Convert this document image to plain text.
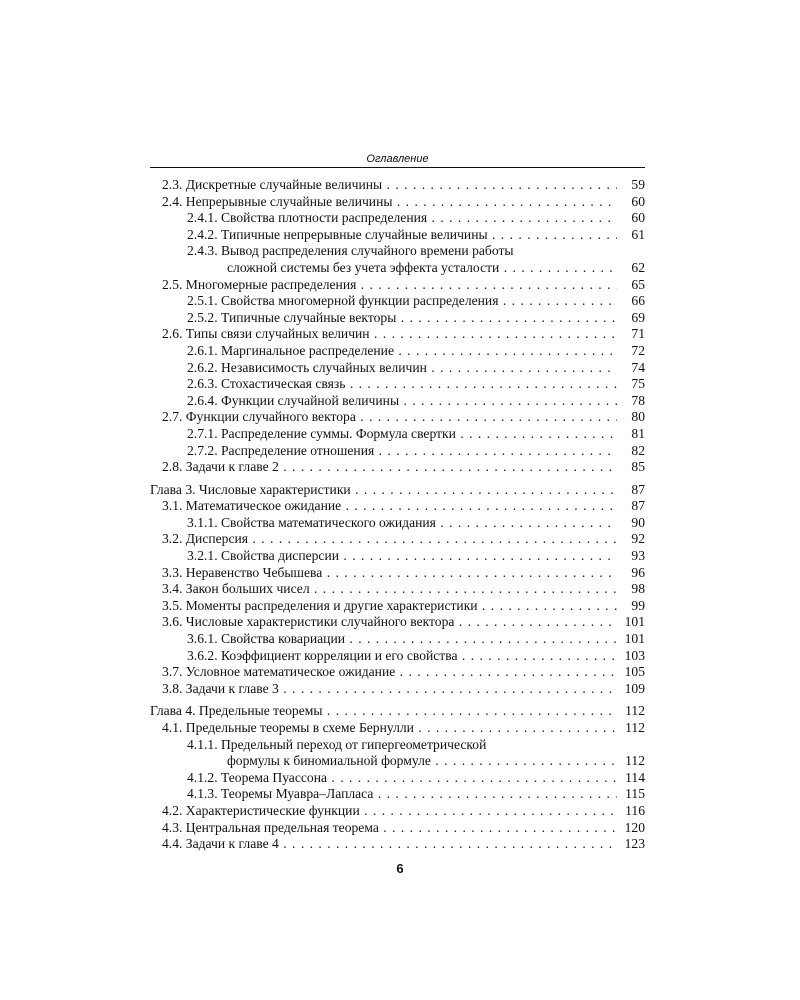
Оглавление
2.3. Дискретные случайные величины . . .	59
2.4. Непрерывные случайные величины . . .	60
2.4.1. Свойства плотности распределения . . .	60
2.4.2. Типичные непрерывные случайные величины . . .	61
2.4.3. Вывод распределения случайного времени работы
сложной системы без учета эффекта усталости . . .	62
2.5. Многомерные распределения . . .	65
2.5.1. Свойства многомерной функции распределения . . .	66
2.5.2. Типичные случайные векторы . . .	69
2.6. Типы связи случайных величин . . .	71
2.6.1. Маргинальное распределение . . .	72
2.6.2. Независимость случайных величин . . .	74
2.6.3. Стохастическая связь . . .	75
2.6.4. Функции случайной величины . . .	78
2.7. Функции случайного вектора . . .	80
2.7.1. Распределение суммы. Формула свертки . . .	81
2.7.2. Распределение отношения . . .	82
2.8. Задачи к главе 2 . . .	85
Глава 3. Числовые характеристики . . .	87
3.1. Математическое ожидание . . .	87
3.1.1. Свойства математического ожидания . . .	90
3.2. Дисперсия . . .	92
3.2.1. Свойства дисперсии . . .	93
3.3. Неравенство Чебышева . . .	96
3.4. Закон больших чисел . . .	98
3.5. Моменты распределения и другие характеристики . . .	99
3.6. Числовые характеристики случайного вектора . . .	101
3.6.1. Свойства ковариации . . .	101
3.6.2. Коэффициент корреляции и его свойства . . .	103
3.7. Условное математическое ожидание . . .	105
3.8. Задачи к главе 3 . . .	109
Глава 4. Предельные теоремы . . .	112
4.1. Предельные теоремы в схеме Бернулли . . .	112
4.1.1. Предельный переход от гипергеометрической
формулы к биномиальной формуле . . .	112
4.1.2. Теорема Пуассона . . .	114
4.1.3. Теоремы Муавра–Лапласа . . .	115
4.2. Характеристические функции . . .	116
4.3. Центральная предельная теорема . . .	120
4.4. Задачи к главе 4 . . .	123
6
